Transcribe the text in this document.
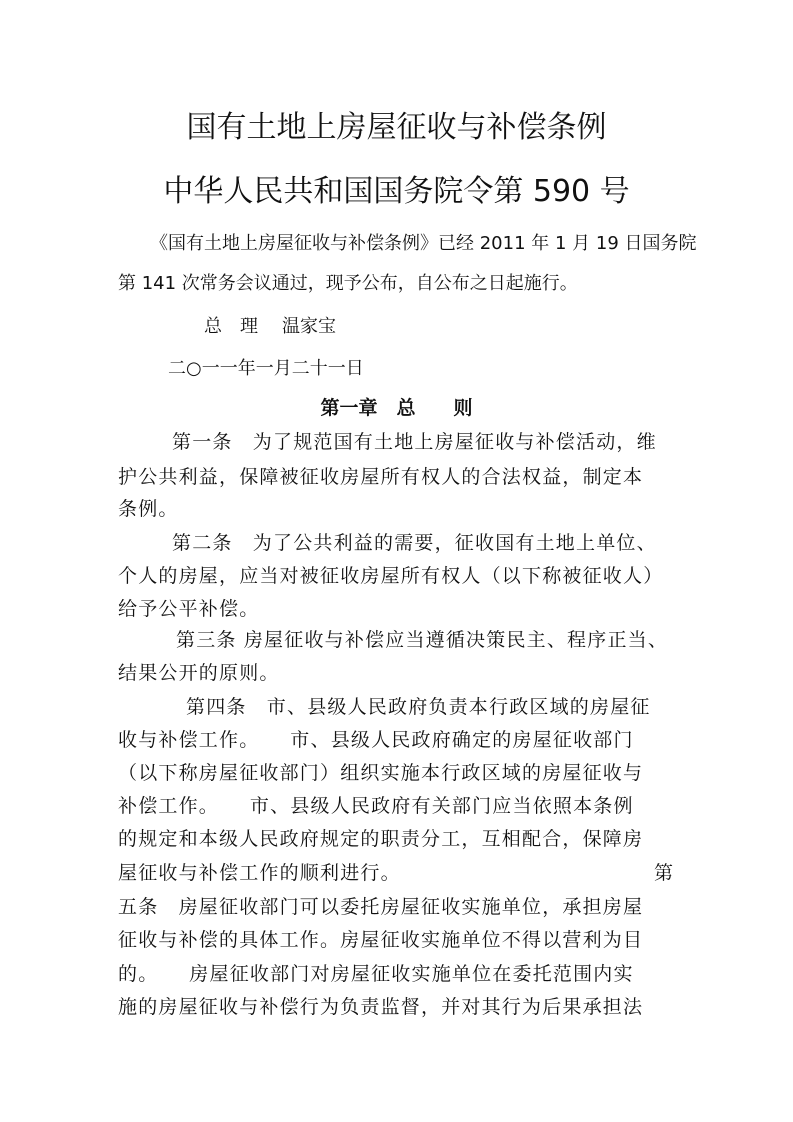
国有土地上房屋征收与补偿条例
中华人民共和国国务院令第 590 号
《国有土地上房屋征收与补偿条例》已经 2011 年 1 月 19 日国务院
第 141 次常务会议通过，现予公布，自公布之日起施行。
总　理 温家宝
二○一一年一月二十一日
第一章　总　　则
第一条　为了规范国有土地上房屋征收与补偿活动，维
护公共利益，保障被征收房屋所有权人的合法权益，制定本
条例。
第二条　为了公共利益的需要，征收国有土地上单位、
个人的房屋，应当对被征收房屋所有权人（以下称被征收人）
给予公平补偿。
第三条 房屋征收与补偿应当遵循决策民主、程序正当、
结果公开的原则。
第四条　市、县级人民政府负责本行政区域的房屋征
收与补偿工作。　　市、县级人民政府确定的房屋征收部门
（以下称房屋征收部门）组织实施本行政区域的房屋征收与
补偿工作。　　市、县级人民政府有关部门应当依照本条例
的规定和本级人民政府规定的职责分工，互相配合，保障房
屋征收与补偿工作的顺利进行。	第
五条　房屋征收部门可以委托房屋征收实施单位，承担房屋
征收与补偿的具体工作。房屋征收实施单位不得以营利为目
的。　　房屋征收部门对房屋征收实施单位在委托范围内实
施的房屋征收与补偿行为负责监督，并对其行为后果承担法
